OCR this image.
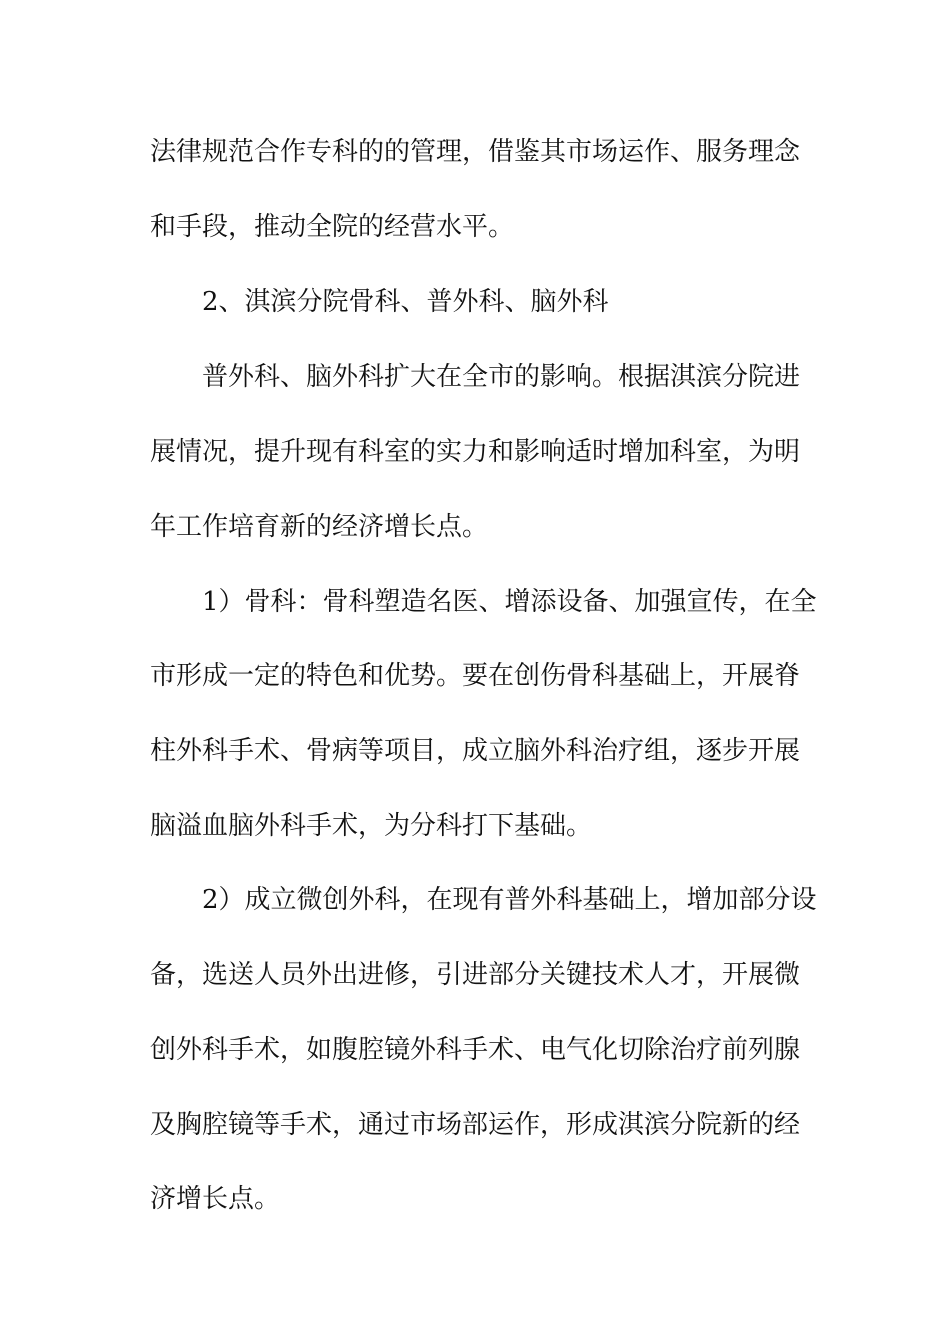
法律规范合作专科的的管理，借鉴其市场运作、服务理念
和手段，推动全院的经营水平。
2、淇滨分院骨科、普外科、脑外科
普外科、脑外科扩大在全市的影响。根据淇滨分院进
展情况，提升现有科室的实力和影响适时增加科室，为明
年工作培育新的经济增长点。
1）骨科：骨科塑造名医、增添设备、加强宣传，在全
市形成一定的特色和优势。要在创伤骨科基础上，开展脊
柱外科手术、骨病等项目，成立脑外科治疗组，逐步开展
脑溢血脑外科手术，为分科打下基础。
2）成立微创外科，在现有普外科基础上，增加部分设
备，选送人员外出进修，引进部分关键技术人才，开展微
创外科手术，如腹腔镜外科手术、电气化切除治疗前列腺
及胸腔镜等手术，通过市场部运作，形成淇滨分院新的经
济增长点。
